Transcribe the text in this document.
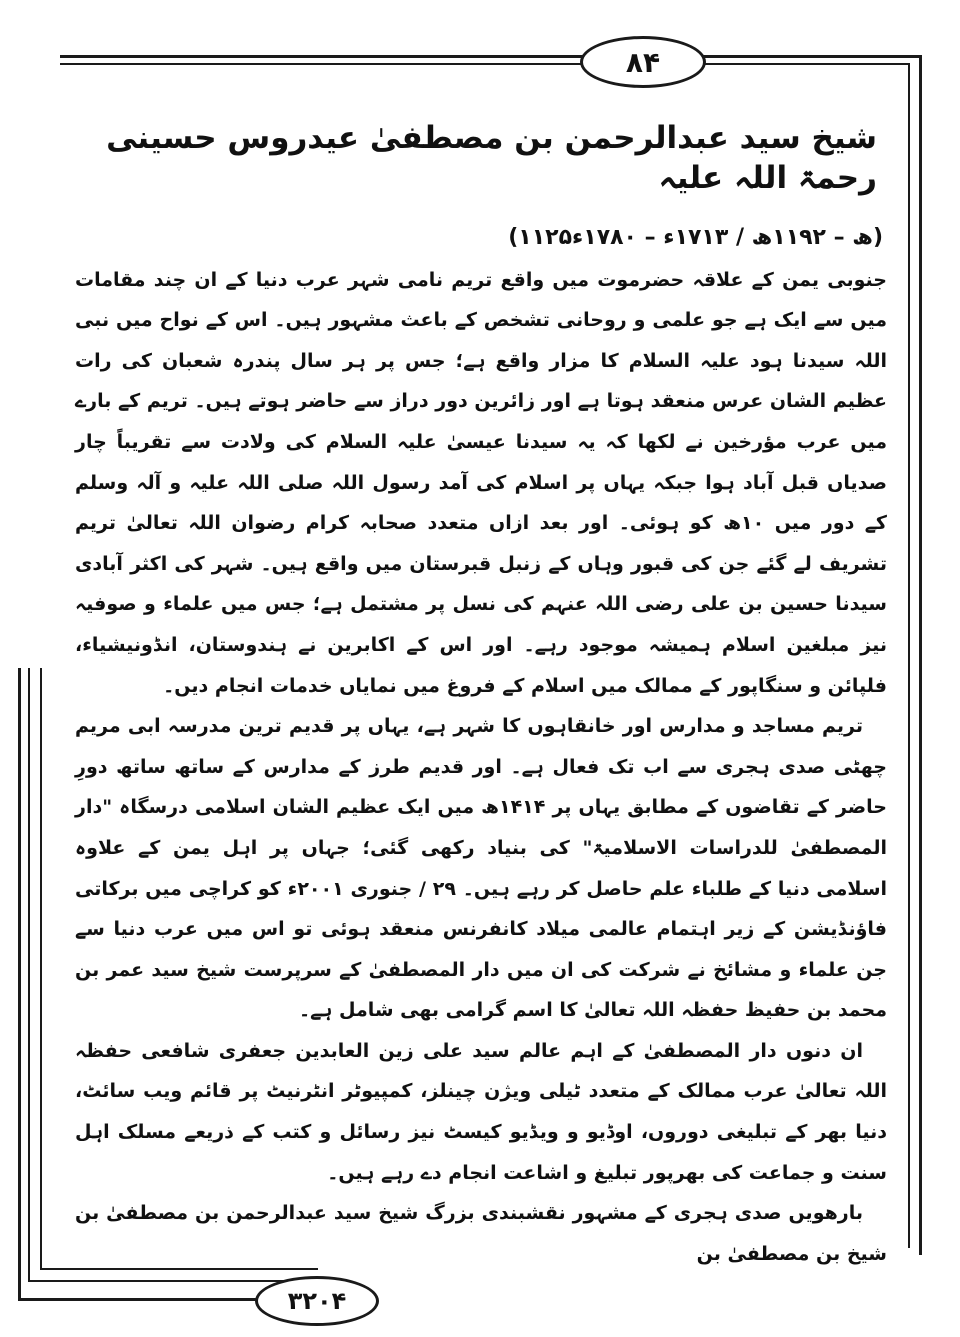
۸۴
شیخ سید عبدالرحمن بن مصطفیٰ عیدروس حسینی رحمۃ اللہ علیہ
(۱۱۲۵ھ – ۱۱۹۲ھ / ۱۷۱۳ء – ۱۷۸۰ء)

جنوبی یمن کے علاقہ حضرموت میں واقع تریم نامی شہر عرب دنیا کے ان چند مقامات میں سے ایک ہے جو علمی و روحانی تشخص کے باعث مشہور ہیں۔ اس کے نواح میں نبی اللہ سیدنا ہود علیہ السلام کا مزار واقع ہے؛ جس پر ہر سال پندرہ شعبان کی رات عظیم الشان عرس منعقد ہوتا ہے اور زائرین دور دراز سے حاضر ہوتے ہیں۔ تریم کے بارے میں عرب مؤرخین نے لکھا کہ یہ سیدنا عیسیٰ علیہ السلام کی ولادت سے تقریباً چار صدیاں قبل آباد ہوا جبکہ یہاں پر اسلام کی آمد رسول اللہ صلی اللہ علیہ و آلہ وسلم کے دور میں ۱۰ھ کو ہوئی۔ اور بعد ازاں متعدد صحابہ کرام رضوان اللہ تعالیٰ تریم تشریف لے گئے جن کی قبور وہاں کے زنبل قبرستان میں واقع ہیں۔ شہر کی اکثر آبادی سیدنا حسین بن علی رضی اللہ عنہم کی نسل پر مشتمل ہے؛ جس میں علماء و صوفیہ نیز مبلغین اسلام ہمیشہ موجود رہے۔ اور اس کے اکابرین نے ہندوستان، انڈونیشیاء، فلپائن و سنگاپور کے ممالک میں اسلام کے فروغ میں نمایاں خدمات انجام دیں۔

تریم مساجد و مدارس اور خانقاہوں کا شہر ہے، یہاں پر قدیم ترین مدرسہ ابی مریم چھٹی صدی ہجری سے اب تک فعال ہے۔ اور قدیم طرز کے مدارس کے ساتھ ساتھ دورِ حاضر کے تقاضوں کے مطابق یہاں پر ۱۴۱۴ھ میں ایک عظیم الشان اسلامی درسگاہ "دار المصطفیٰ للدراسات الاسلامیۃ" کی بنیاد رکھی گئی؛ جہاں پر اہل یمن کے علاوہ اسلامی دنیا کے طلباء علم حاصل کر رہے ہیں۔ ۲۹ / جنوری ۲۰۰۱ء کو کراچی میں برکاتی فاؤنڈیشن کے زیر اہتمام عالمی میلاد کانفرنس منعقد ہوئی تو اس میں عرب دنیا سے جن علماء و مشائخ نے شرکت کی ان میں دار المصطفیٰ کے سرپرست شیخ سید عمر بن محمد بن حفیظ حفظہ اللہ تعالیٰ کا اسم گرامی بھی شامل ہے۔

ان دنوں دار المصطفیٰ کے اہم عالم سید علی زین العابدین جعفری شافعی حفظہ اللہ تعالیٰ عرب ممالک کے متعدد ٹیلی ویژن چینلز، کمپیوٹر انٹرنیٹ پر قائم ویب سائٹ، دنیا بھر کے تبلیغی دوروں، اوڈیو و ویڈیو کیسٹ نیز رسائل و کتب کے ذریعے مسلک اہل سنت و جماعت کی بھرپور تبلیغ و اشاعت انجام دے رہے ہیں۔

بارھویں صدی ہجری کے مشہور نقشبندی بزرگ شیخ سید عبدالرحمن بن مصطفیٰ بن شیخ بن مصطفیٰ بن

۳۲۰۴
